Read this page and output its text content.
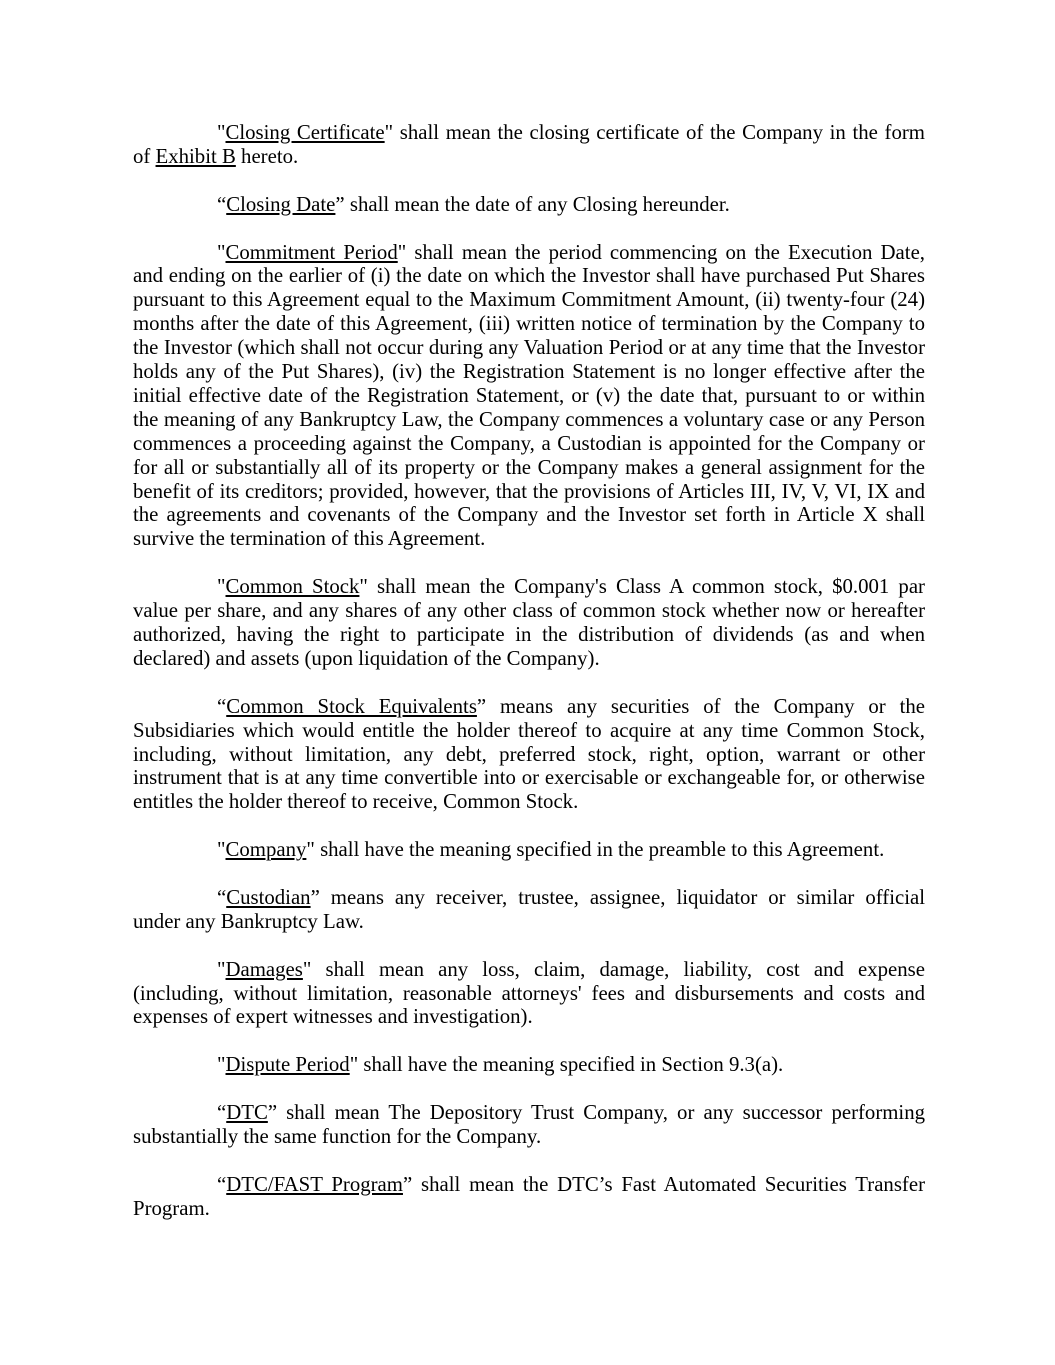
"Closing Certificate" shall mean the closing certificate of the Company in the form of Exhibit B hereto.

“Closing Date” shall mean the date of any Closing hereunder.

"Commitment Period" shall mean the period commencing on the Execution Date, and ending on the earlier of (i) the date on which the Investor shall have purchased Put Shares pursuant to this Agreement equal to the Maximum Commitment Amount, (ii) twenty-four (24) months after the date of this Agreement, (iii) written notice of termination by the Company to the Investor (which shall not occur during any Valuation Period or at any time that the Investor holds any of the Put Shares), (iv) the Registration Statement is no longer effective after the initial effective date of the Registration Statement, or (v) the date that, pursuant to or within the meaning of any Bankruptcy Law, the Company commences a voluntary case or any Person commences a proceeding against the Company, a Custodian is appointed for the Company or for all or substantially all of its property or the Company makes a general assignment for the benefit of its creditors; provided, however, that the provisions of Articles III, IV, V, VI, IX and the agreements and covenants of the Company and the Investor set forth in Article X shall survive the termination of this Agreement.

"Common Stock" shall mean the Company's Class A common stock, $0.001 par value per share, and any shares of any other class of common stock whether now or hereafter authorized, having the right to participate in the distribution of dividends (as and when declared) and assets (upon liquidation of the Company).

“Common Stock Equivalents” means any securities of the Company or the Subsidiaries which would entitle the holder thereof to acquire at any time Common Stock, including, without limitation, any debt, preferred stock, right, option, warrant or other instrument that is at any time convertible into or exercisable or exchangeable for, or otherwise entitles the holder thereof to receive, Common Stock.

"Company" shall have the meaning specified in the preamble to this Agreement.

“Custodian” means any receiver, trustee, assignee, liquidator or similar official under any Bankruptcy Law.

"Damages" shall mean any loss, claim, damage, liability, cost and expense (including, without limitation, reasonable attorneys' fees and disbursements and costs and expenses of expert witnesses and investigation).

"Dispute Period" shall have the meaning specified in Section 9.3(a).

“DTC” shall mean The Depository Trust Company, or any successor performing substantially the same function for the Company.

“DTC/FAST Program” shall mean the DTC’s Fast Automated Securities Transfer Program.
